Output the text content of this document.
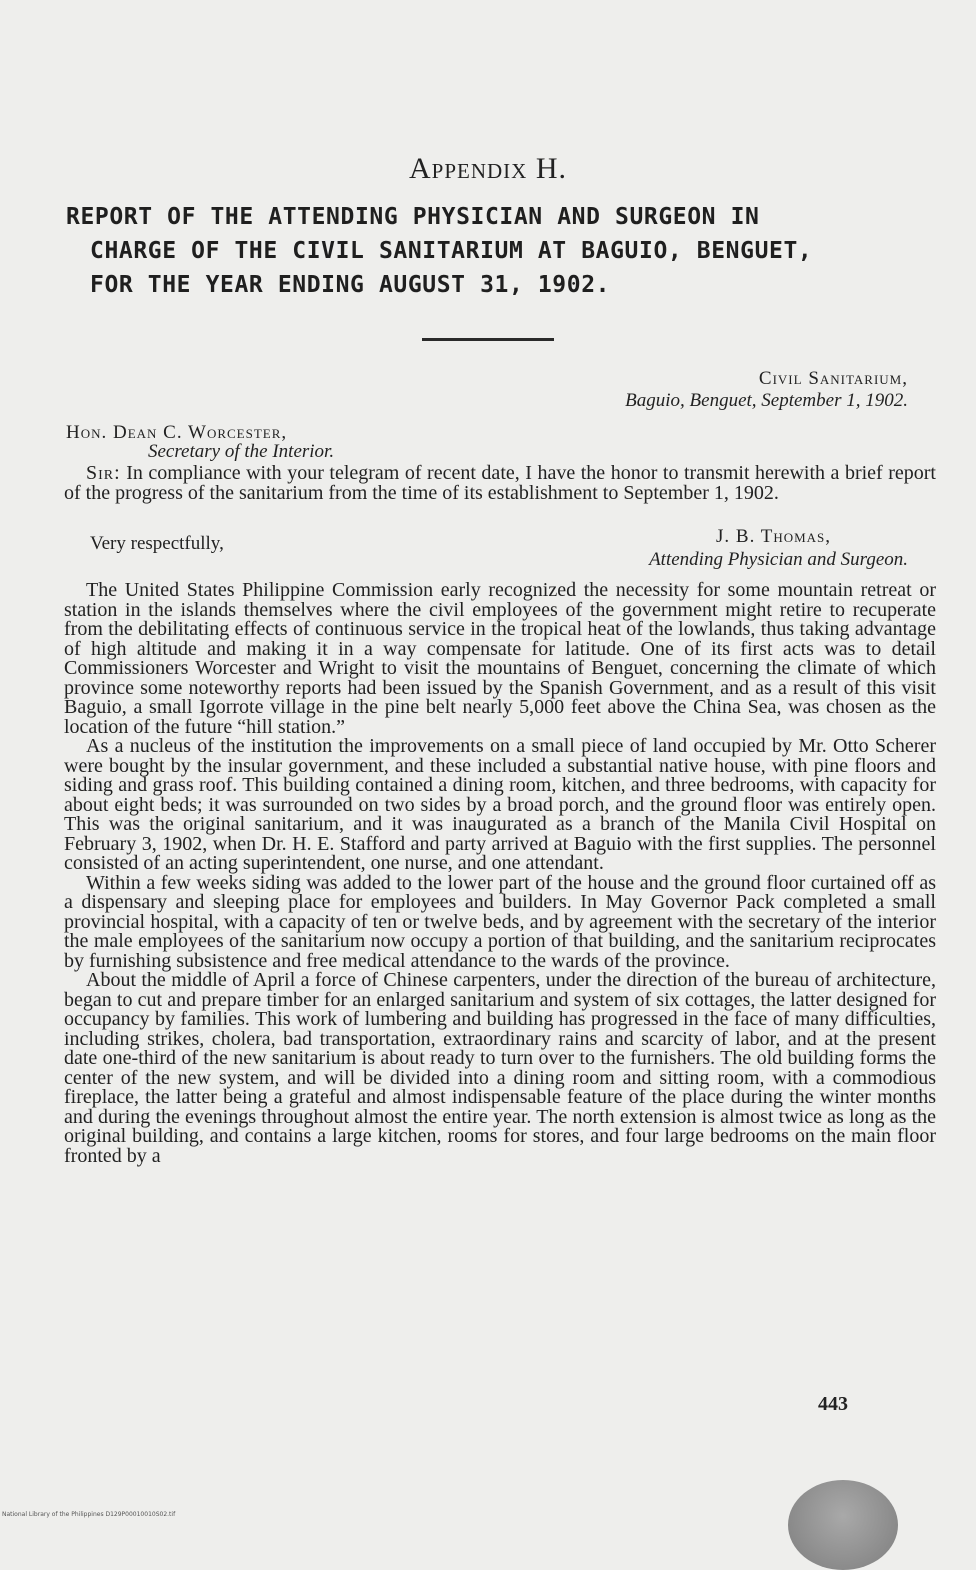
Appendix H.
REPORT OF THE ATTENDING PHYSICIAN AND SURGEON IN
CHARGE OF THE CIVIL SANITARIUM AT BAGUIO, BENGUET,
FOR THE YEAR ENDING AUGUST 31, 1902.
Civil Sanitarium,
Baguio, Benguet, September 1, 1902.
Hon. Dean C. Worcester,
Secretary of the Interior.

Sir: In compliance with your telegram of recent date, I have the honor to transmit herewith a brief report of the progress of the sanitarium from the time of its establishment to September 1, 1902.

Very respectfully,	J. B. Thomas,
Attending Physician and Surgeon.

The United States Philippine Commission early recognized the necessity for some mountain retreat or station in the islands themselves where the civil employees of the government might retire to recuperate from the debilitating effects of continuous service in the tropical heat of the lowlands, thus taking advantage of high altitude and making it in a way compensate for latitude. One of its first acts was to detail Commissioners Worcester and Wright to visit the mountains of Benguet, concerning the climate of which province some noteworthy reports had been issued by the Spanish Government, and as a result of this visit Baguio, a small Igorrote village in the pine belt nearly 5,000 feet above the China Sea, was chosen as the location of the future “hill station.”

As a nucleus of the institution the improvements on a small piece of land occupied by Mr. Otto Scherer were bought by the insular government, and these included a substantial native house, with pine floors and siding and grass roof. This building contained a dining room, kitchen, and three bedrooms, with capacity for about eight beds; it was surrounded on two sides by a broad porch, and the ground floor was entirely open. This was the original sanitarium, and it was inaugurated as a branch of the Manila Civil Hospital on February 3, 1902, when Dr. H. E. Stafford and party arrived at Baguio with the first supplies. The personnel consisted of an acting superintendent, one nurse, and one attendant.

Within a few weeks siding was added to the lower part of the house and the ground floor curtained off as a dispensary and sleeping place for employees and builders. In May Governor Pack completed a small provincial hospital, with a capacity of ten or twelve beds, and by agreement with the secretary of the interior the male employees of the sanitarium now occupy a portion of that building, and the sanitarium reciprocates by furnishing subsistence and free medical attendance to the wards of the province.

About the middle of April a force of Chinese carpenters, under the direction of the bureau of architecture, began to cut and prepare timber for an enlarged sanitarium and system of six cottages, the latter designed for occupancy by families. This work of lumbering and building has progressed in the face of many difficulties, including strikes, cholera, bad transportation, extraordinary rains and scarcity of labor, and at the present date one-third of the new sanitarium is about ready to turn over to the furnishers. The old building forms the center of the new system, and will be divided into a dining room and sitting room, with a commodious fireplace, the latter being a grateful and almost indispensable feature of the place during the winter months and during the evenings throughout almost the entire year. The north extension is almost twice as long as the original building, and contains a large kitchen, rooms for stores, and four large bedrooms on the main floor fronted by a

443
National Library of the Philippines D129P00010010S02.tif
